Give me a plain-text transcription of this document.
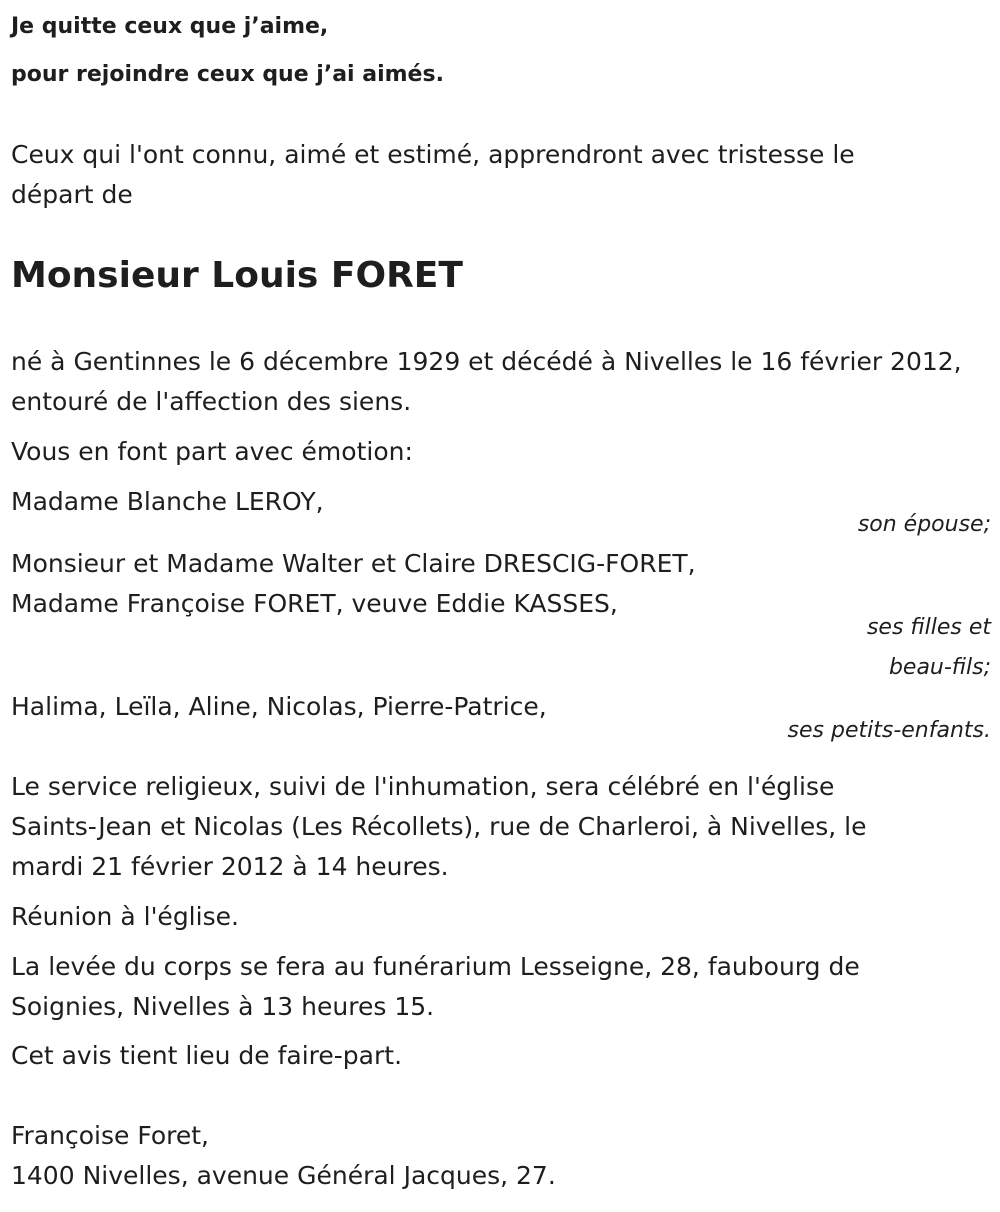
Je quitte ceux que j’aime,
pour rejoindre ceux que j’ai aimés.
Ceux qui l'ont connu, aimé et estimé, apprendront avec tristesse le
départ de
Monsieur Louis FORET
né à Gentinnes le 6 décembre 1929 et décédé à Nivelles le 16 février 2012,
entouré de l'affection des siens.
Vous en font part avec émotion:
Madame Blanche LEROY,
son épouse;
Monsieur et Madame Walter et Claire DRESCIG-FORET,
Madame Françoise FORET, veuve Eddie KASSES,
ses filles et
beau-fils;
Halima, Leïla, Aline, Nicolas, Pierre-Patrice,
ses petits-enfants.
Le service religieux, suivi de l'inhumation, sera célébré en l'église
Saints-Jean et Nicolas (Les Récollets), rue de Charleroi, à Nivelles, le
mardi 21 février 2012 à 14 heures.
Réunion à l'église.
La levée du corps se fera au funérarium Lesseigne, 28, faubourg de
Soignies, Nivelles à 13 heures 15.
Cet avis tient lieu de faire-part.
Françoise Foret,
1400 Nivelles, avenue Général Jacques, 27.
